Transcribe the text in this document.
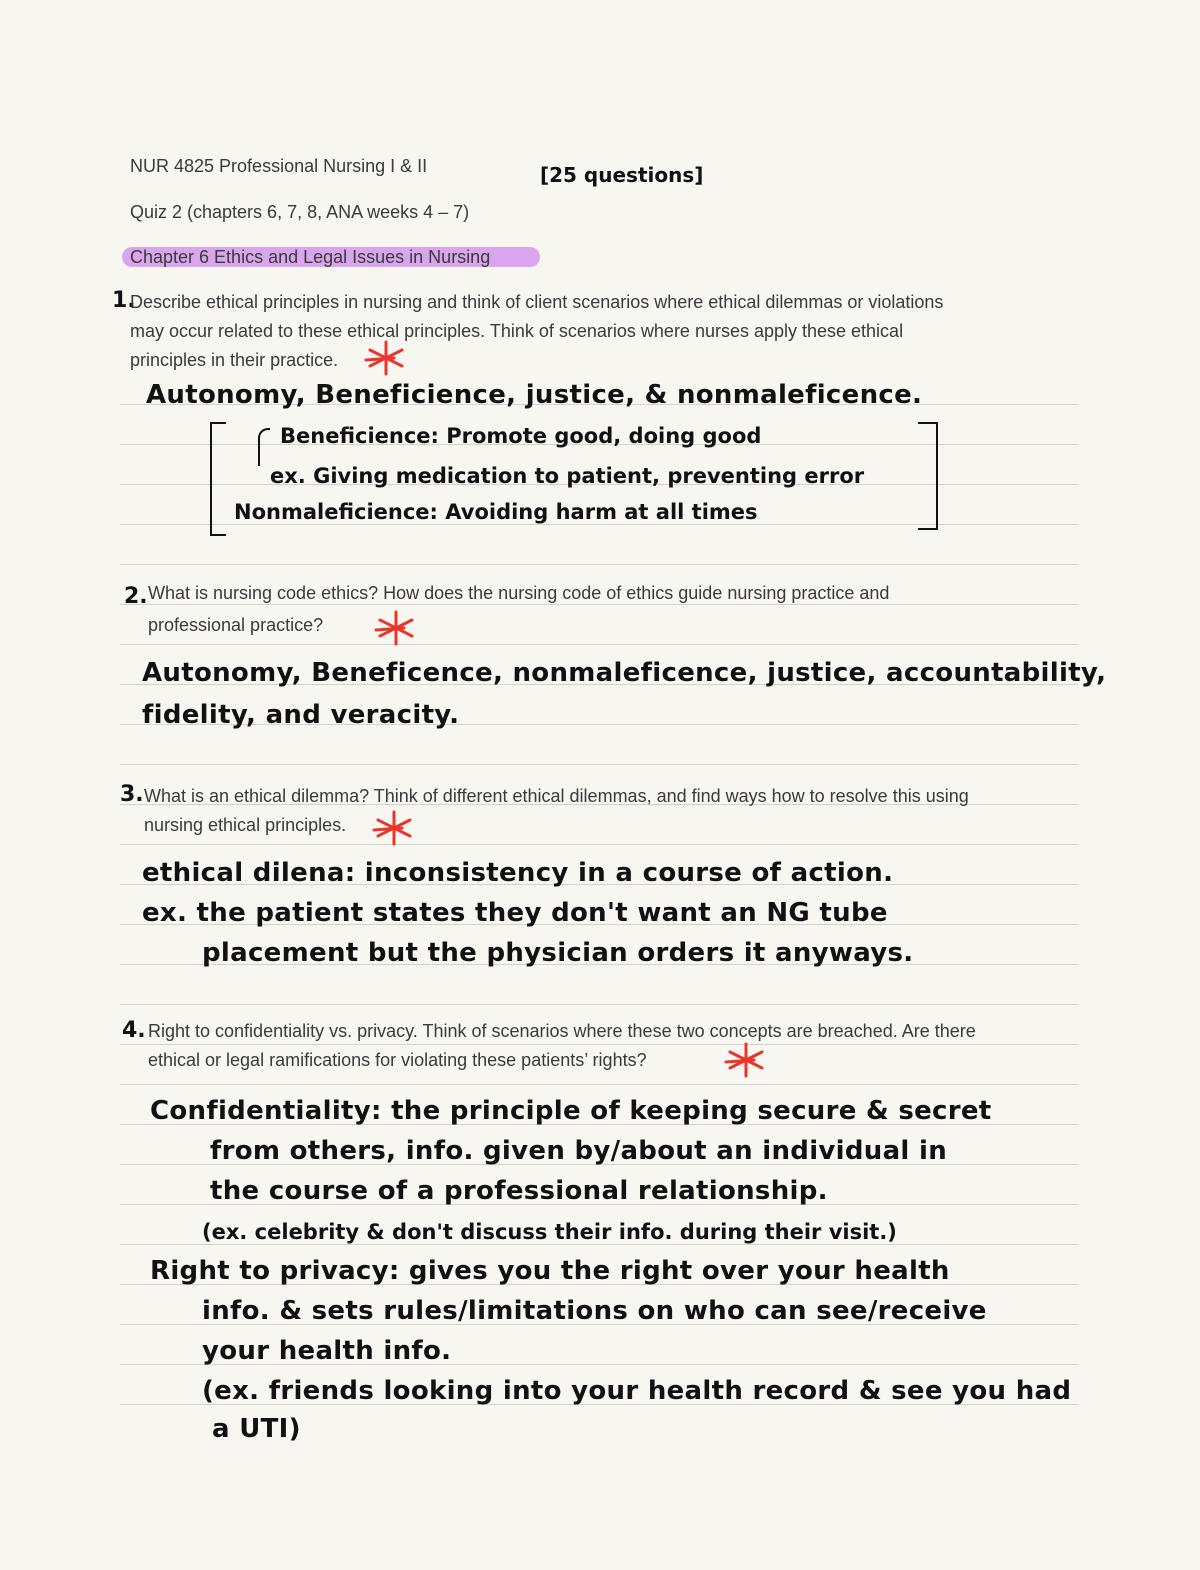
NUR 4825 Professional Nursing I & II	[25 questions]
Quiz 2 (chapters 6, 7, 8, ANA weeks 4 – 7)
Chapter 6 Ethics and Legal Issues in Nursing
1.
Describe ethical principles in nursing and think of client scenarios where ethical dilemmas or violations
may occur related to these ethical principles. Think of scenarios where nurses apply these ethical
principles in their practice.
Autonomy, Beneficience, justice, & nonmaleficence.
Beneficience: Promote good, doing good
ex. Giving medication to patient, preventing error
Nonmaleficience: Avoiding harm at all times
2. What is nursing code ethics? How does the nursing code of ethics guide nursing practice and
professional practice?
Autonomy, Beneficence, nonmaleficence, justice, accountability,
fidelity, and veracity.
3. What is an ethical dilemma? Think of different ethical dilemmas, and find ways how to resolve this using
nursing ethical principles.
ethical dilena: inconsistency in a course of action.
ex. the patient states they don't want an NG tube
placement but the physician orders it anyways.
4. Right to confidentiality vs. privacy. Think of scenarios where these two concepts are breached. Are there
ethical or legal ramifications for violating these patients’ rights?
Confidentiality: the principle of keeping secure & secret
from others, info. given by/about an individual in
the course of a professional relationship.
(ex. celebrity & don't discuss their info. during their visit.)
Right to privacy: gives you the right over your health
info. & sets rules/limitations on who can see/receive
your health info.
(ex. friends looking into your health record & see you had
a UTI)
